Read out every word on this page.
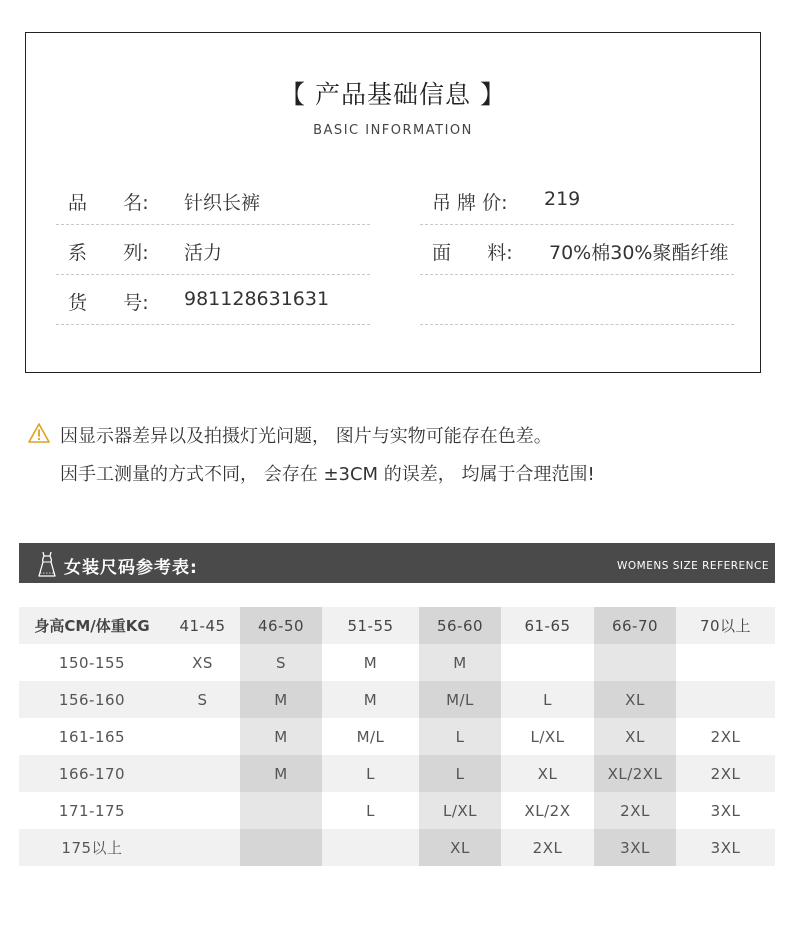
【 产品基础信息 】
BASIC INFORMATION
品      名: 针织长裤
系      列: 活力
货      号: 981128631631
吊 牌 价: 219
面      料: 70%棉30%聚酯纤维
因显示器差异以及拍摄灯光问题， 图片与实物可能存在色差。
因手工测量的方式不同， 会存在 ±3CM 的误差， 均属于合理范围!
女装尺码参考表:	WOMENS SIZE REFERENCE
身高CM/体重KG	41-45	46-50	51-55	56-60	61-65	66-70	70以上
150-155	XS	S	M	M			
156-160	S	M	M	M/L	L	XL	
161-165		M	M/L	L	L/XL	XL	2XL
166-170		M	L	L	XL	XL/2XL	2XL
171-175			L	L/XL	XL/2X	2XL	3XL
175以上				XL	2XL	3XL	3XL
